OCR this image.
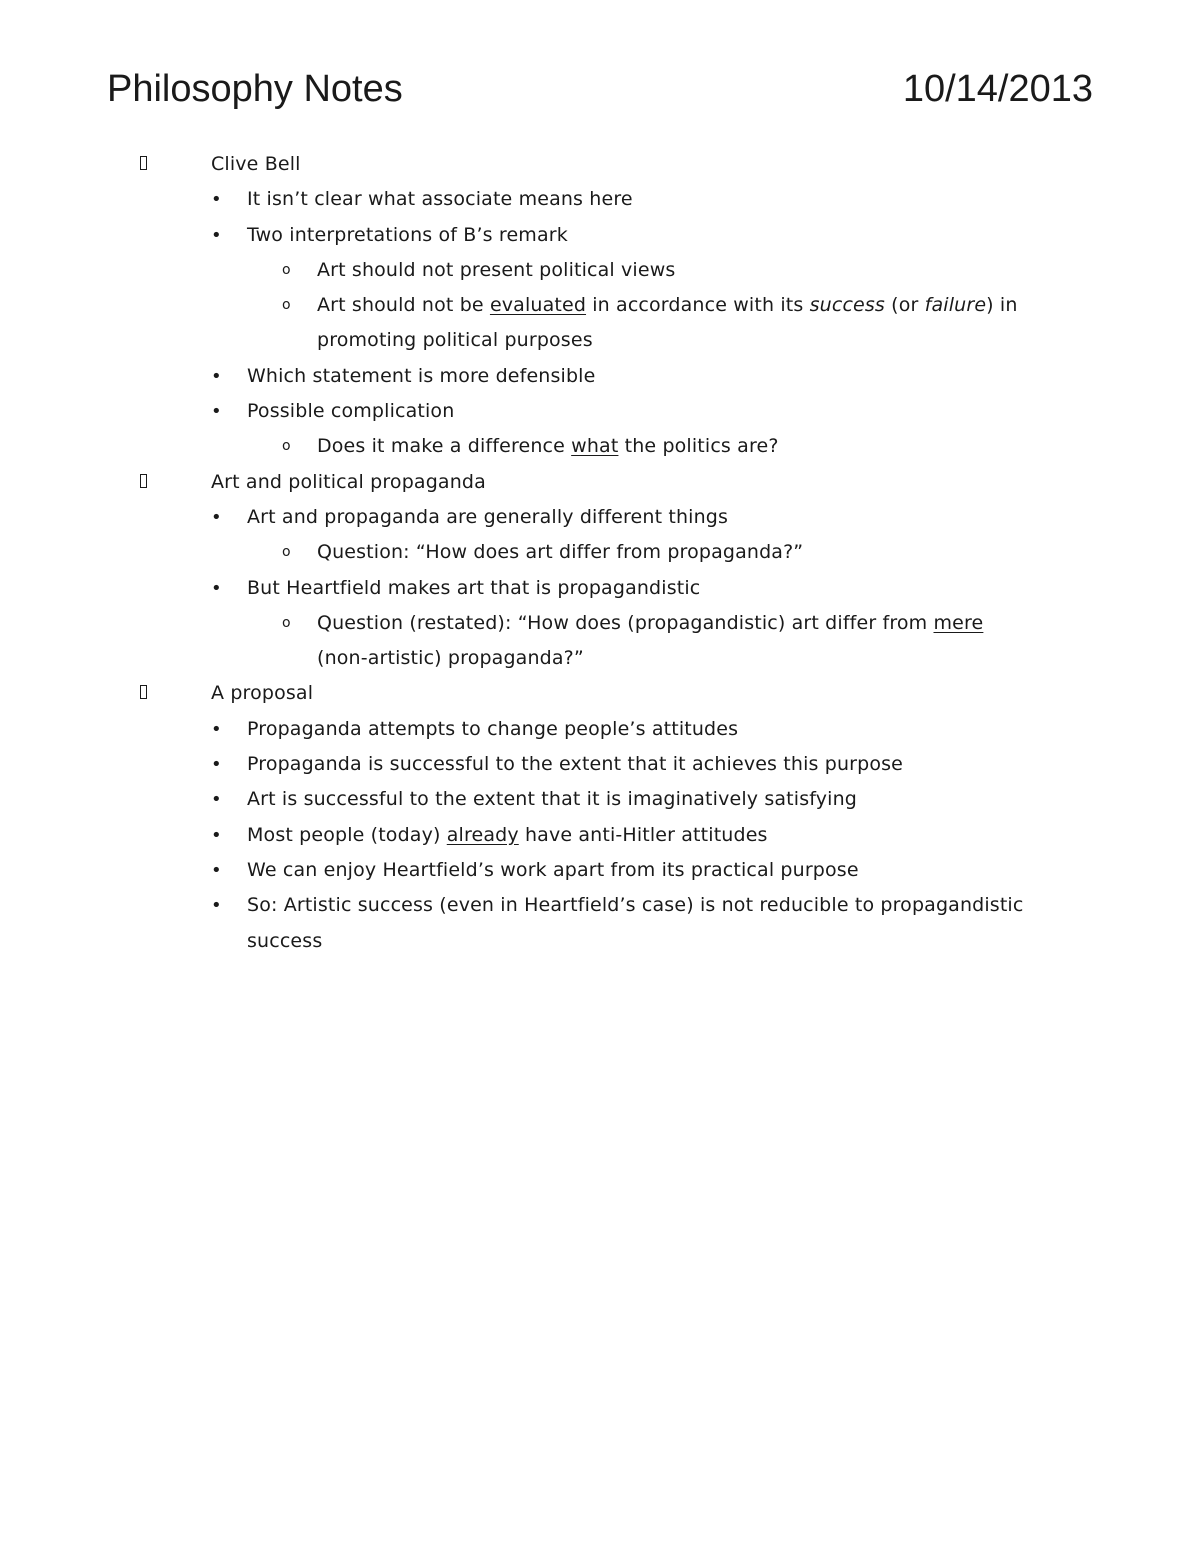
Philosophy Notes	10/14/2013
Clive Bell
• It isn’t clear what associate means here
• Two interpretations of B’s remark
o Art should not present political views
o Art should not be evaluated in accordance with its success (or failure) in
promoting political purposes
• Which statement is more defensible
• Possible complication
o Does it make a difference what the politics are?
Art and political propaganda
• Art and propaganda are generally different things
o Question: “How does art differ from propaganda?”
• But Heartfield makes art that is propagandistic
o Question (restated): “How does (propagandistic) art differ from mere
(non-artistic) propaganda?”
A proposal
• Propaganda attempts to change people’s attitudes
• Propaganda is successful to the extent that it achieves this purpose
• Art is successful to the extent that it is imaginatively satisfying
• Most people (today) already have anti-Hitler attitudes
• We can enjoy Heartfield’s work apart from its practical purpose
• So: Artistic success (even in Heartfield’s case) is not reducible to propagandistic
success
